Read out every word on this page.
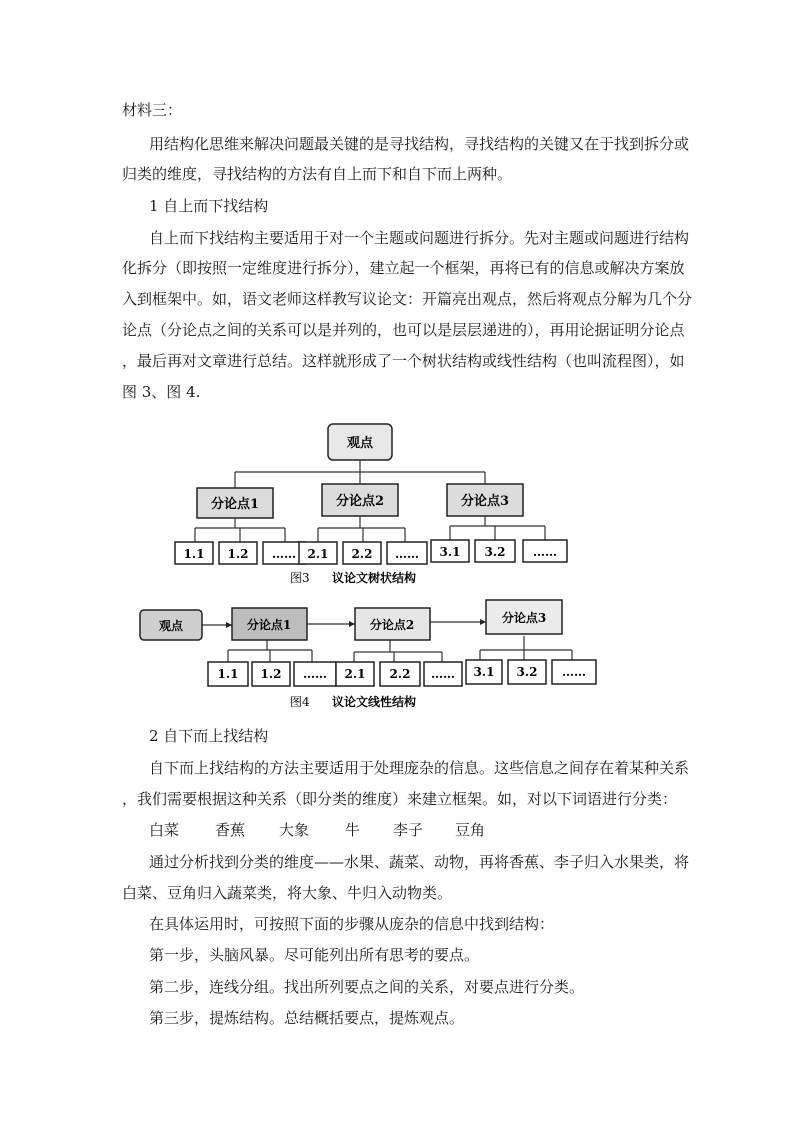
材料三：
用结构化思维来解决问题最关键的是寻找结构，寻找结构的关键又在于找到拆分或
归类的维度，寻找结构的方法有自上而下和自下而上两种。
1 自上而下找结构
自上而下找结构主要适用于对一个主题或问题进行拆分。先对主题或问题进行结构
化拆分（即按照一定维度进行拆分），建立起一个框架，再将已有的信息或解决方案放
入到框架中。如，语文老师这样教写议论文：开篇亮出观点，然后将观点分解为几个分
论点（分论点之间的关系可以是并列的，也可以是层层递进的），再用论据证明分论点
，最后再对文章进行总结。这样就形成了一个树状结构或线性结构（也叫流程图），如
图 3、图 4.
观点
分论点1	分论点2	分论点3
1.1 1.2 …… 2.1 2.2 …… 3.1 3.2 ……
图3 议论文树状结构
观点	分论点1	分论点2	分论点3
1.1 1.2 …… 2.1 2.2 …… 3.1 3.2 ……
图4 议论文线性结构
2 自下而上找结构
自下而上找结构的方法主要适用于处理庞杂的信息。这些信息之间存在着某种关系
，我们需要根据这种关系（即分类的维度）来建立框架。如，对以下词语进行分类：
白菜 香蕉 大象 牛 李子 豆角
通过分析找到分类的维度——水果、蔬菜、动物，再将香蕉、李子归入水果类，将
白菜、豆角归入蔬菜类，将大象、牛归入动物类。
在具体运用时，可按照下面的步骤从庞杂的信息中找到结构：
第一步，头脑风暴。尽可能列出所有思考的要点。
第二步，连线分组。找出所列要点之间的关系，对要点进行分类。
第三步，提炼结构。总结概括要点，提炼观点。
